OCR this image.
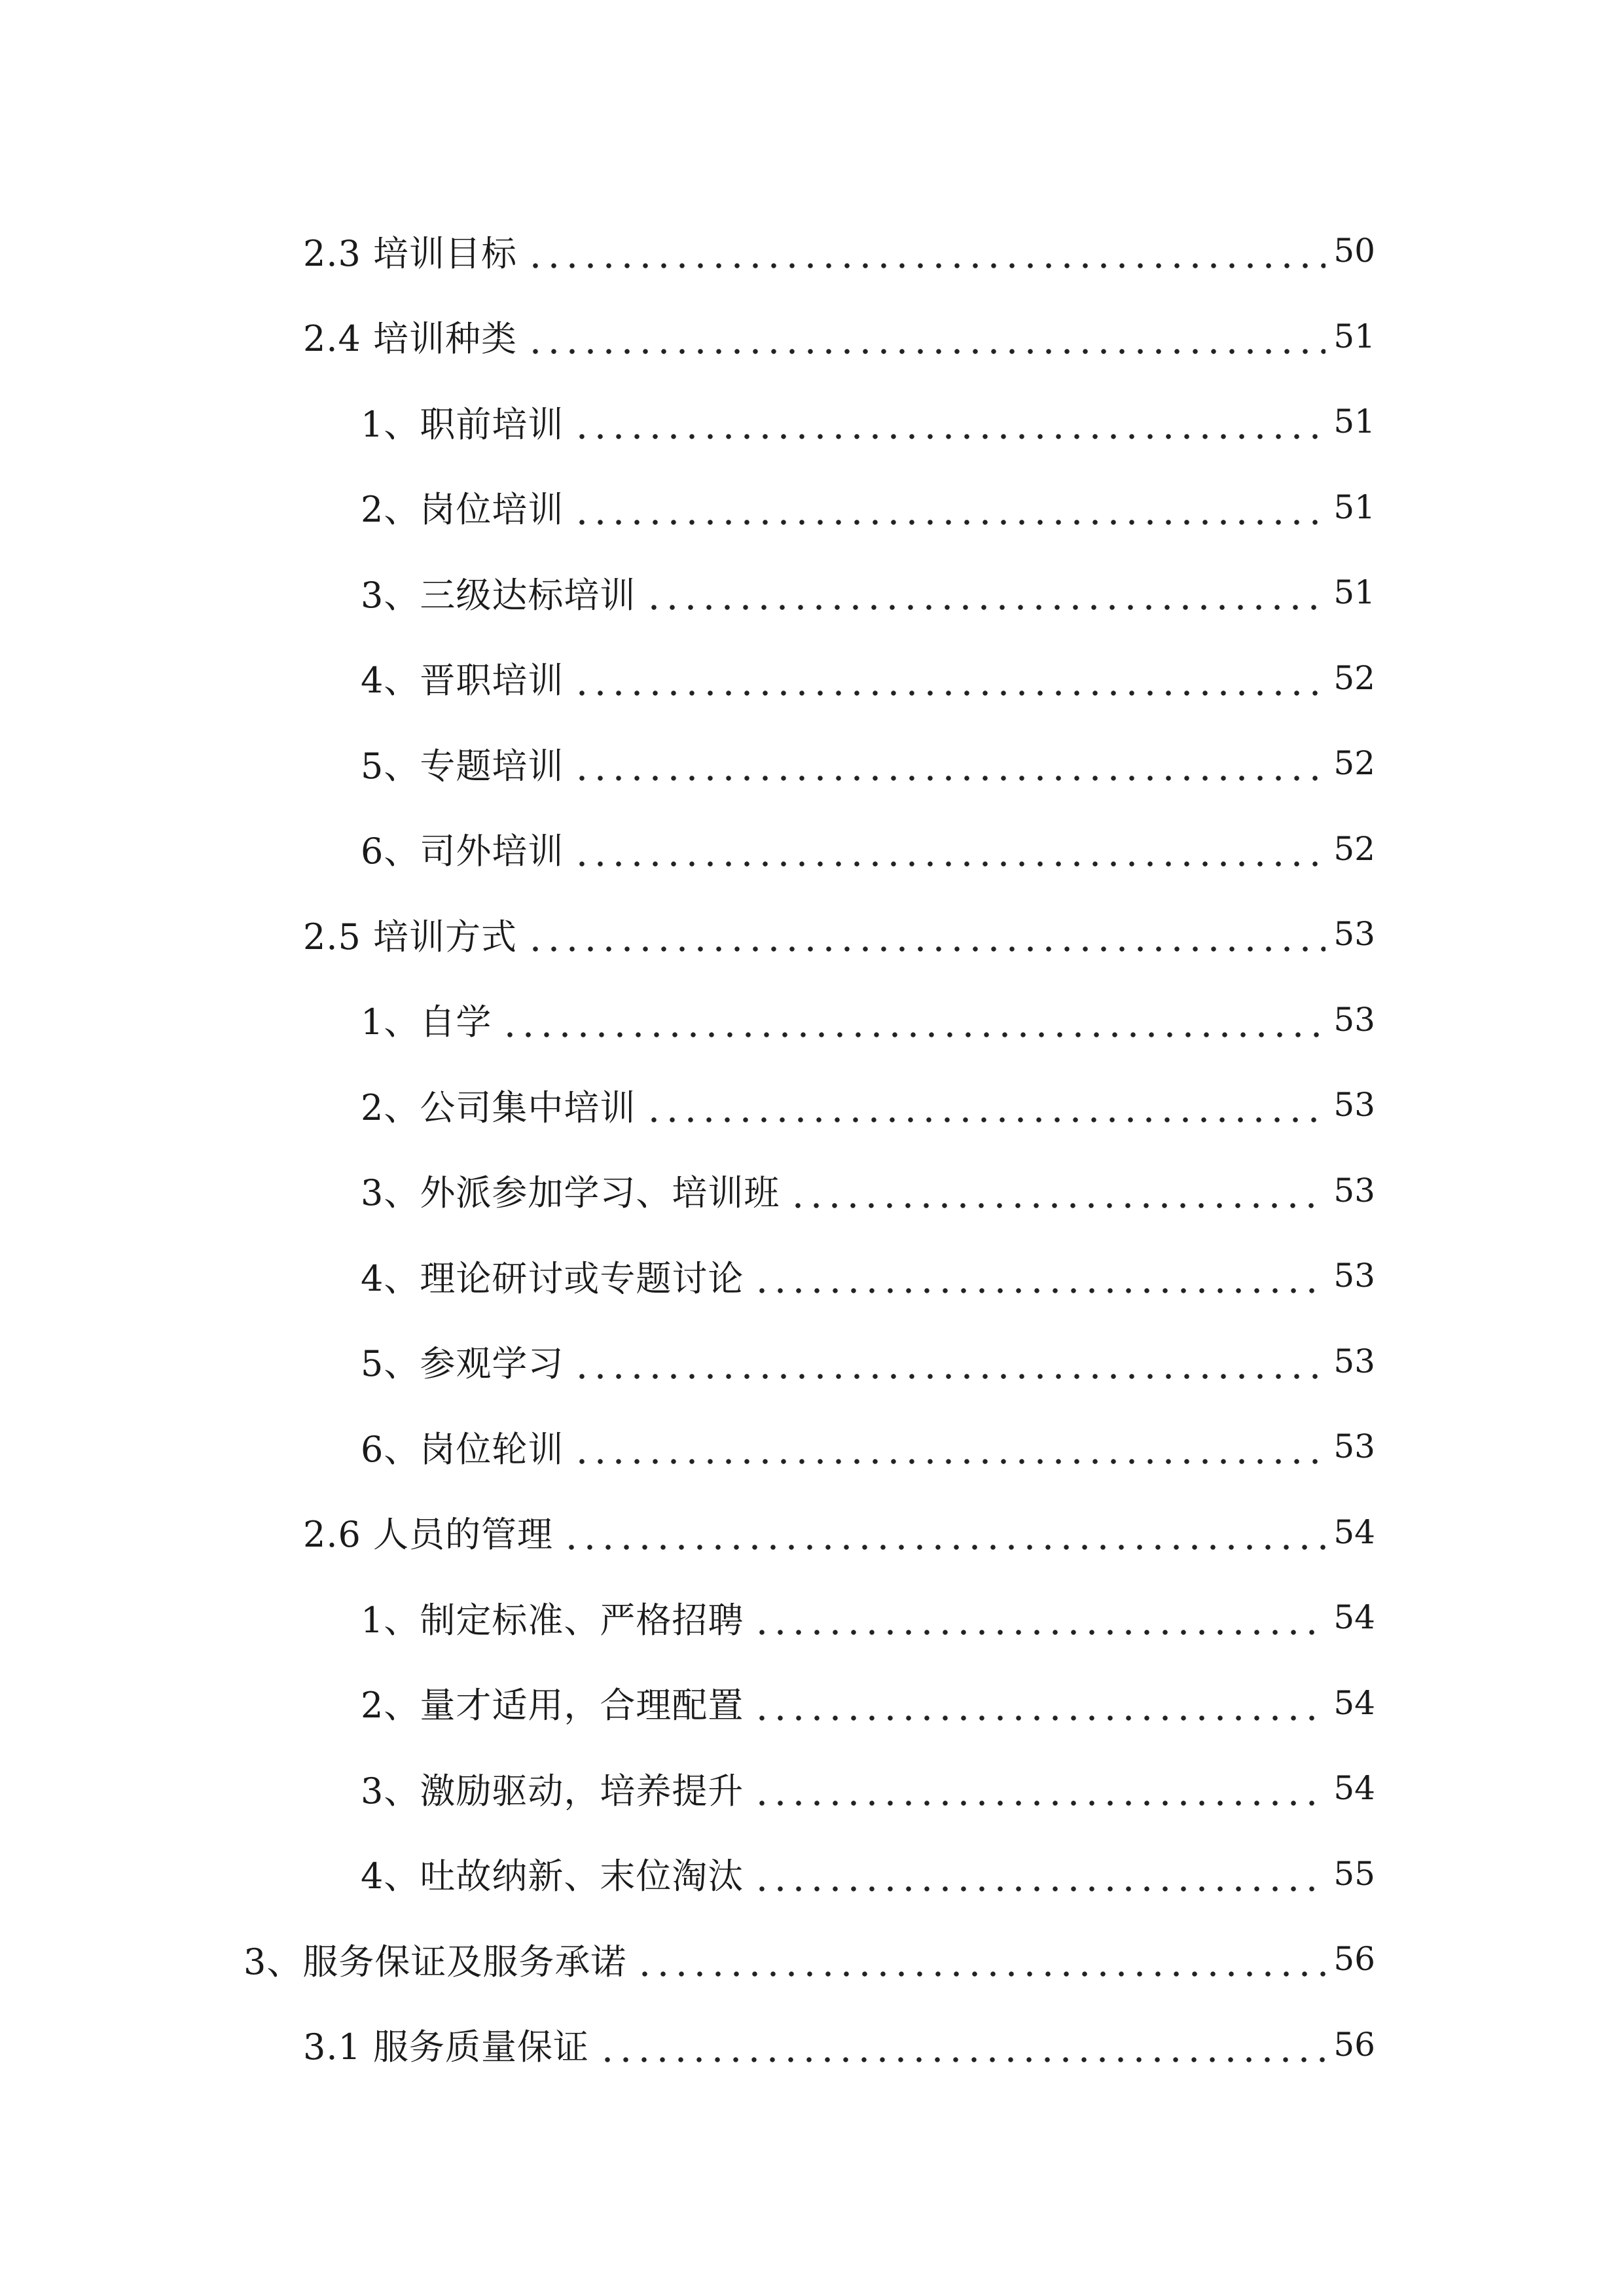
2.3 培训目标	50
2.4 培训种类	51
1、职前培训	51
2、岗位培训	51
3、三级达标培训	51
4、晋职培训	52
5、专题培训	52
6、司外培训	52
2.5 培训方式	53
1、自学	53
2、公司集中培训	53
3、外派参加学习、培训班	53
4、理论研讨或专题讨论	53
5、参观学习	53
6、岗位轮训	53
2.6 人员的管理	54
1、制定标准、严格招聘	54
2、量才适用，合理配置	54
3、激励驱动，培养提升	54
4、吐故纳新、末位淘汰	55
3、服务保证及服务承诺	56
3.1 服务质量保证	56
